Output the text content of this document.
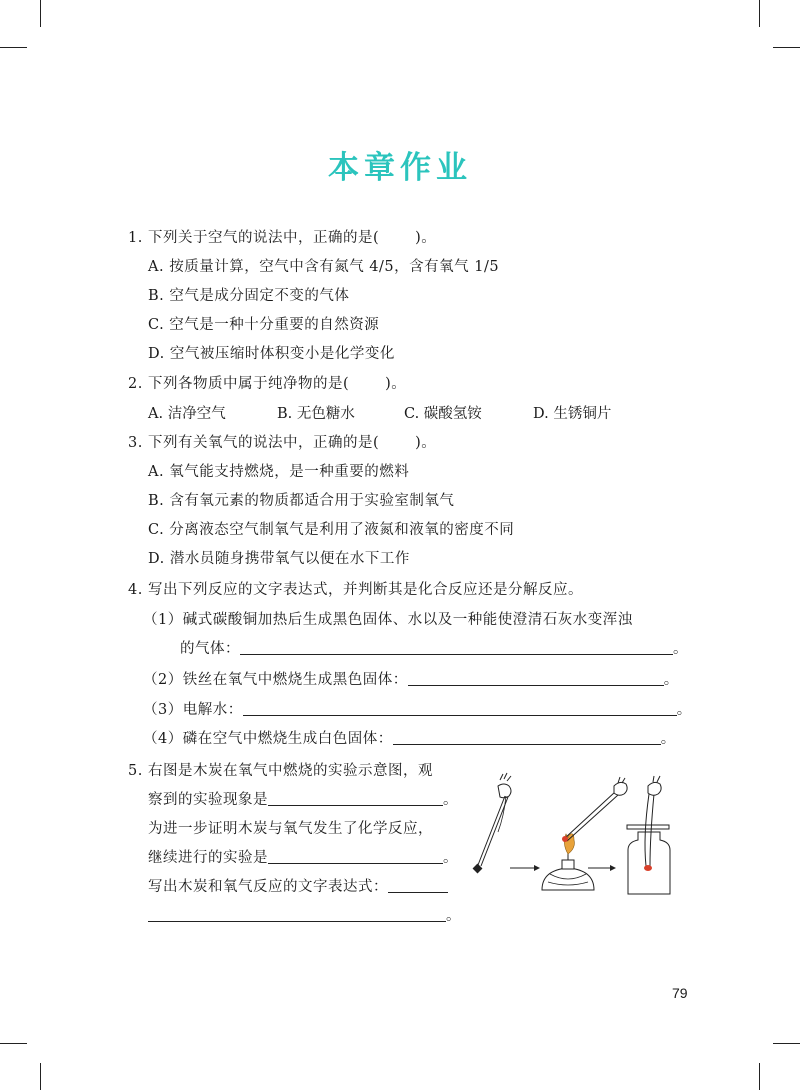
本章作业
1. 下列关于空气的说法中，正确的是( )。
A. 按质量计算，空气中含有氮气 4/5，含有氧气 1/5
B. 空气是成分固定不变的气体
C. 空气是一种十分重要的自然资源
D. 空气被压缩时体积变小是化学变化
2. 下列各物质中属于纯净物的是( )。
A. 洁净空气	B. 无色糖水	C. 碳酸氢铵	D. 生锈铜片
3. 下列有关氧气的说法中，正确的是( )。
A. 氧气能支持燃烧，是一种重要的燃料
B. 含有氧元素的物质都适合用于实验室制氧气
C. 分离液态空气制氧气是利用了液氮和液氧的密度不同
D. 潜水员随身携带氧气以便在水下工作
4. 写出下列反应的文字表达式，并判断其是化合反应还是分解反应。
（1）碱式碳酸铜加热后生成黑色固体、水以及一种能使澄清石灰水变浑浊
的气体：	。
（2）铁丝在氧气中燃烧生成黑色固体：	。
（3）电解水：	。
（4）磷在空气中燃烧生成白色固体：	。
5. 右图是木炭在氧气中燃烧的实验示意图，观
察到的实验现象是	。
为进一步证明木炭与氧气发生了化学反应，
继续进行的实验是	。
写出木炭和氧气反应的文字表达式：
。
79
